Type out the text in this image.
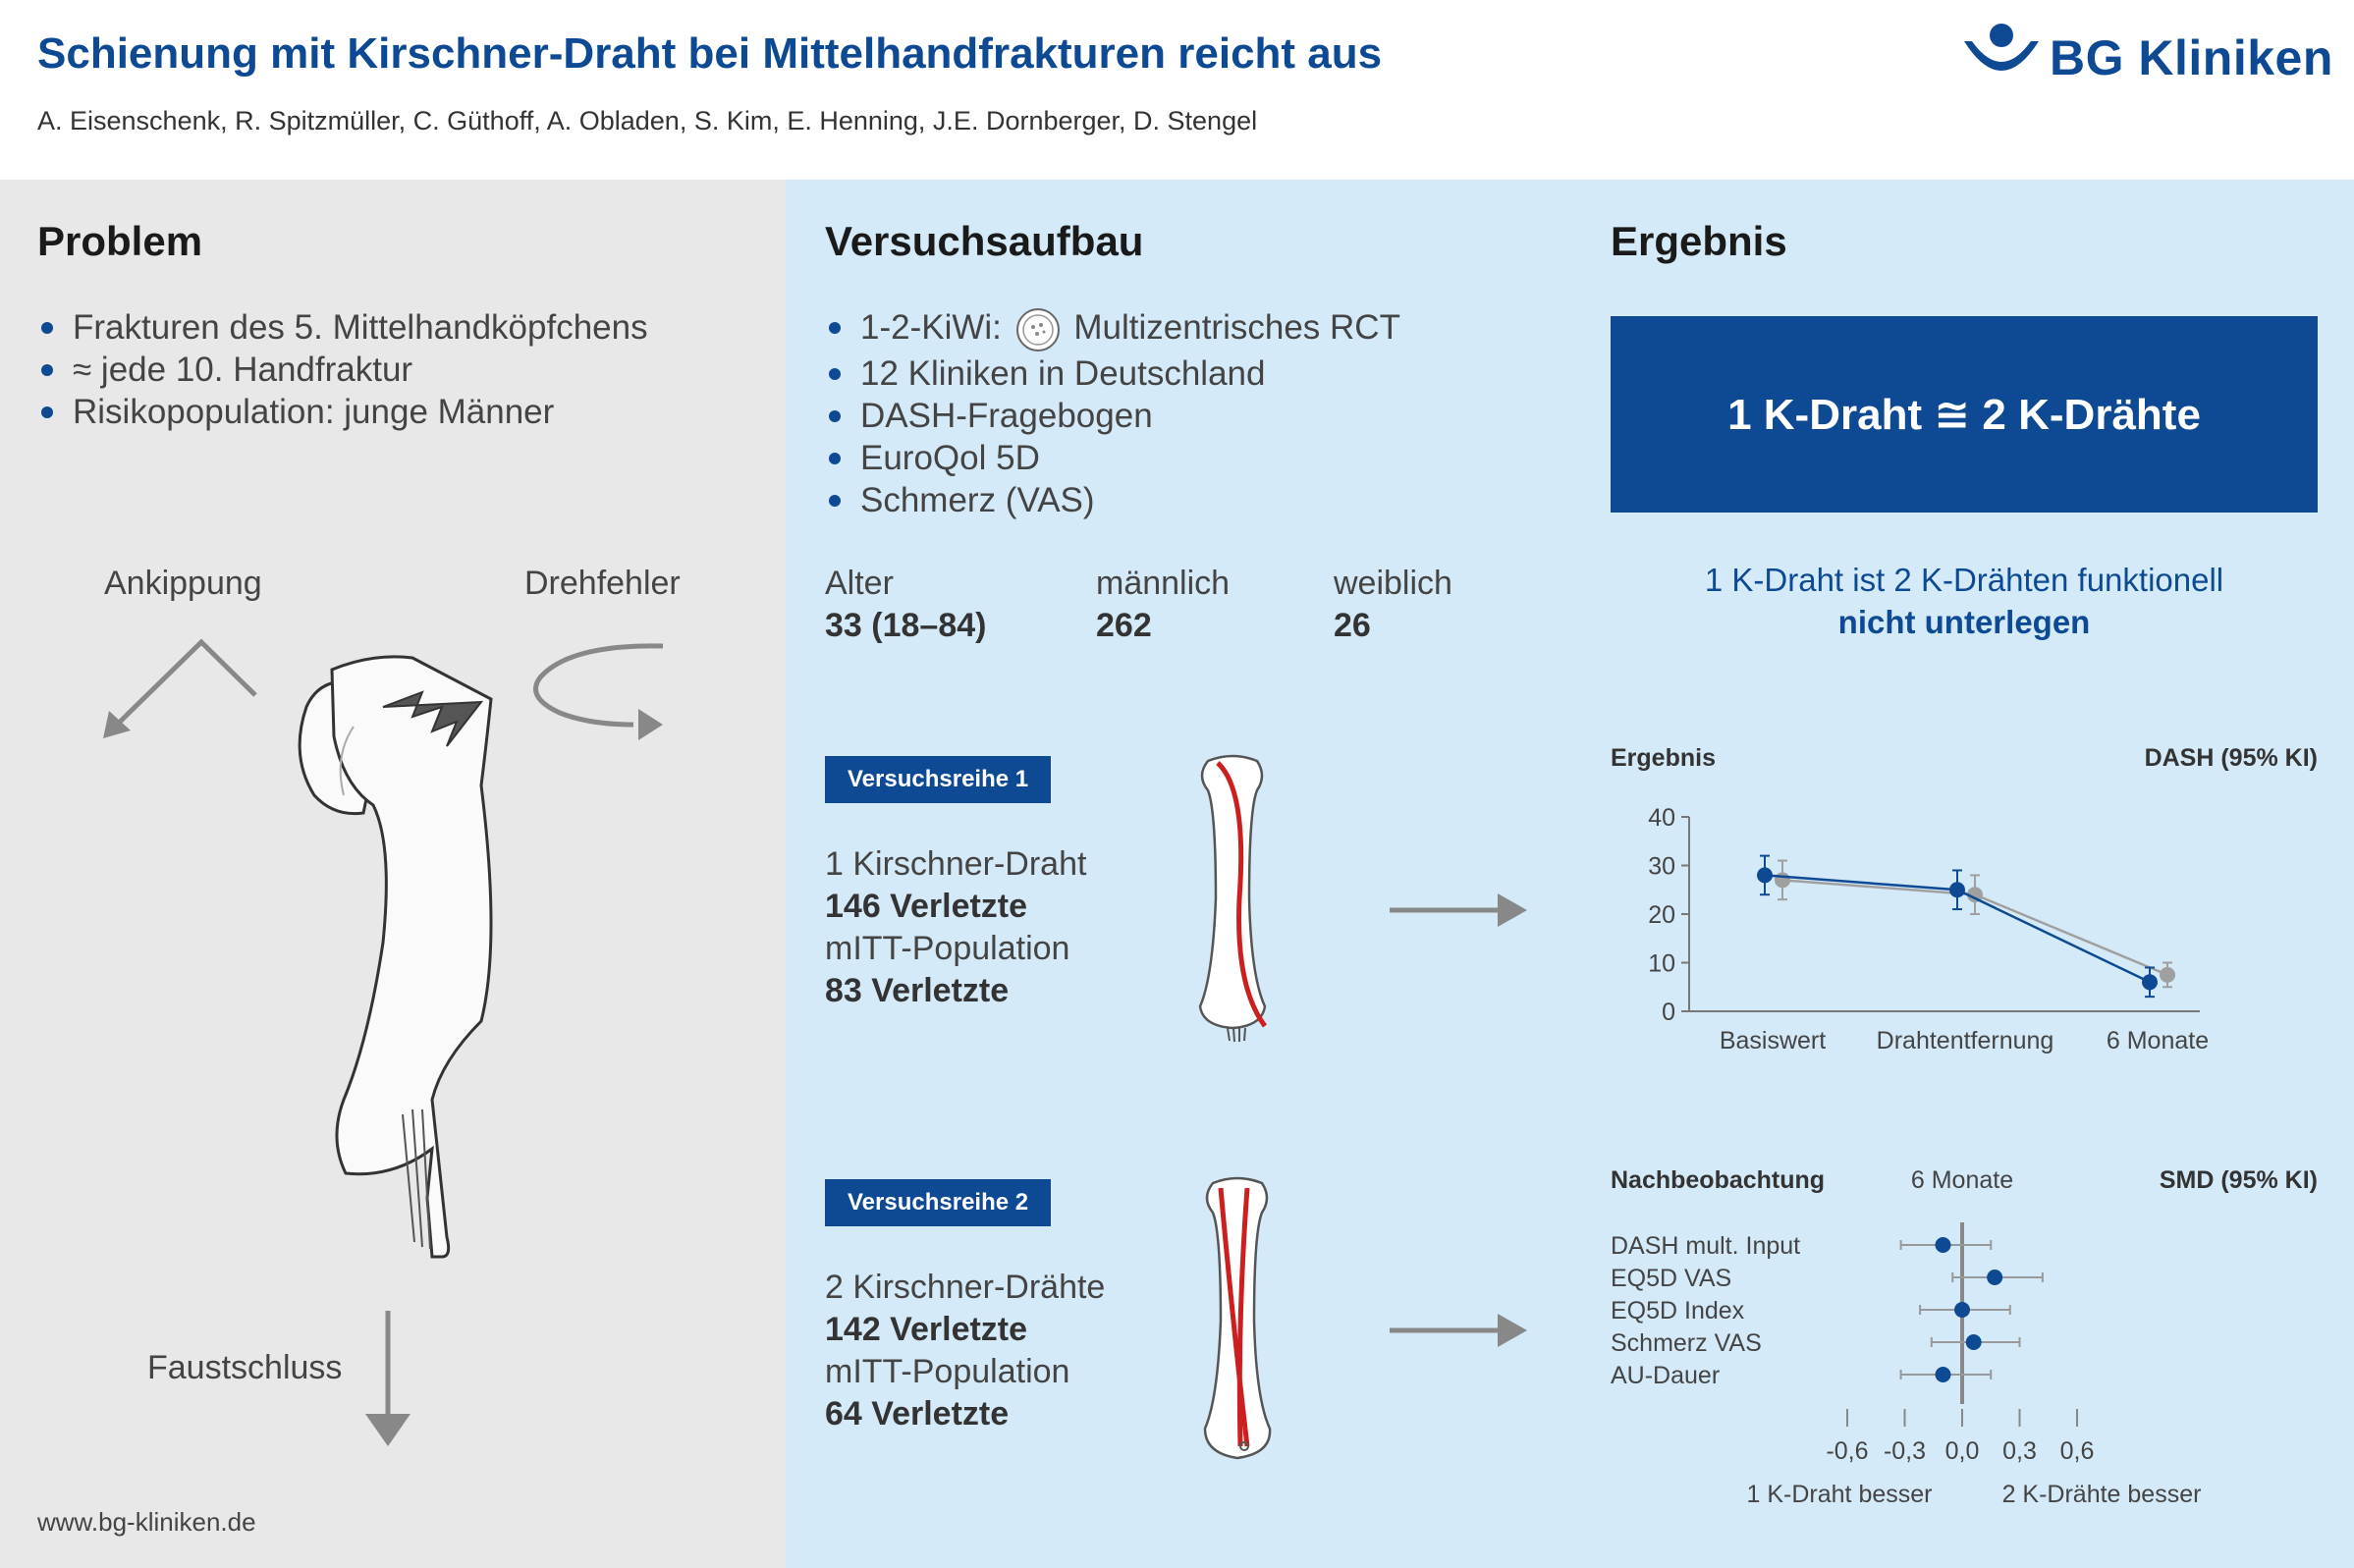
Schienung mit Kirschner-Draht bei Mittelhandfrakturen reicht aus
A. Eisenschenk, R. Spitzmüller, C. Güthoff, A. Obladen, S. Kim, E. Henning, J.E. Dornberger, D. Stengel
BG Kliniken
Problem
Frakturen des 5. Mittelhandköpfchens
≈ jede 10. Handfraktur
Risikopopulation: junge Männer
Ankippung	Drehfehler
Faustschluss
www.bg-kliniken.de
Versuchsaufbau
1-2-KiWi: Multizentrisches RCT
12 Kliniken in Deutschland
DASH-Fragebogen
EuroQol 5D
Schmerz (VAS)
Alter
33 (18–84)
männlich
262
weiblich
26
Versuchsreihe 1
1 Kirschner-Draht
146 Verletzte
mITT-Population
83 Verletzte
Versuchsreihe 2
2 Kirschner-Drähte
142 Verletzte
mITT-Population
64 Verletzte
Ergebnis
1 K-Draht ≅ 2 K-Drähte
1 K-Draht ist 2 K-Drähten funktionell
nicht unterlegen
Ergebnis	DASH (95% KI)
0
10
20
30
40
Basiswert Drahtentfernung 6 Monate
Nachbeobachtung	6 Monate	SMD (95% KI)
DASH mult. Input
EQ5D VAS
EQ5D Index
Schmerz VAS
AU-Dauer
-0,6 -0,3 0,0 0,3 0,6
1 K-Draht besser	2 K-Drähte besser
